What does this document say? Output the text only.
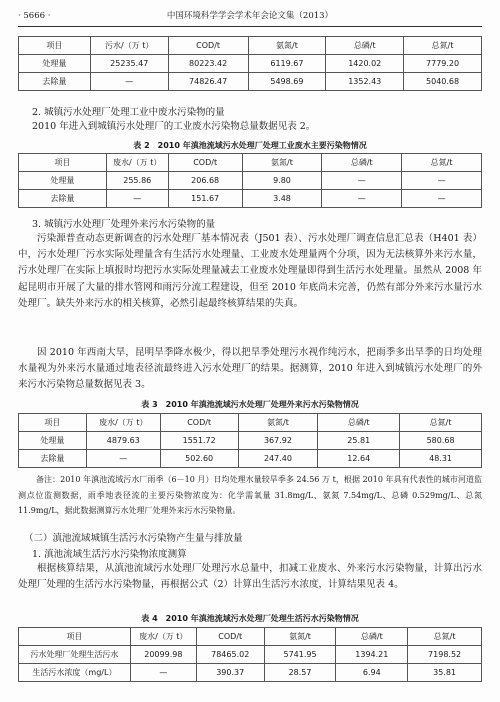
· 5666 ·	中国环境科学学会学术年会论文集（2013）
项目	污水/（万 t）	COD/t	氨氮/t	总磷/t	总氮/t
处理量	25235.47	80223.42	6119.67	1420.02	7779.20
去除量	—	74826.47	5498.69	1352.43	5040.68
2. 城镇污水处理厂处理工业中废水污染物的量
2010 年进入到城镇污水处理厂的工业废水污染物总量数据见表 2。
表 2　2010 年滇池流域污水处理厂处理工业废水主要污染物情况
项目	废水/（万 t）	COD/t	氨氮/t	总磷/t	总氮/t
处理量	255.86	206.68	9.80	—	—
去除量	—	151.67	3.48	—	—
3. 城镇污水处理厂处理外来污水污染物的量
污染源普查动态更新调查的污水处理厂基本情况表（J501 表）、污水处理厂调查信息汇总表（H401 表）中，污水处理厂污水实际处理量含有生活污水处理量、工业废水处理量两个分项，因为无法核算外来污水量，污水处理厂在实际上填报时均把污水实际处理量减去工业废水处理量即得到生活污水处理量。虽然从 2008 年起昆明市开展了大量的排水管网和雨污分流工程建设，但至 2010 年底尚未完善，仍然有部分外来污水量污水处理厂。缺失外来污水的相关核算，必然引起最终核算结果的失真。
因 2010 年西南大旱，昆明旱季降水极少，得以把旱季处理污水视作纯污水，把雨季多出旱季的日均处理水量视为外来污水量通过地表径流最终进入污水处理厂的结果。据测算，2010 年进入到城镇污水处理厂的外来污水污染物总量数据见表 3。
表 3　2010 年滇池流域污水处理厂处理外来污水污染物情况
项目	废水/（万 t）	COD/t	氨氮/t	总磷/t	总氮/t
处理量	4879.63	1551.72	367.92	25.81	580.68
去除量	—	502.60	247.40	12.64	48.31
备注：2010 年滇池流域污水厂雨季（6－10 月）日均处理水量较旱季多 24.56 万 t，根据 2010 年具有代表性的城市河道监测点位监测数据，雨季地表径流的主要污染物浓度为：化学需氧量 31.8mg/L、氨氮 7.54mg/L、总磷 0.529mg/L、总氮 11.9mg/L，据此数据测算污水处理厂处理外来污水污染物量。
（二）滇池流域城镇生活污水污染物产生量与排放量
1. 滇池流域生活污水污染物浓度测算
根据核算结果，从滇池流域污水处理厂处理污水总量中，扣减工业废水、外来污水污染物量，计算出污水处理厂处理的生活污水污染物量，再根据公式（2）计算出生活污水浓度，计算结果见表 4。
表 4　2010 年滇池流域污水处理厂处理生活污水污染物情况
项目	废水/（万 t）	COD/t	氨氮/t	总磷/t	总氮/t
污水处理厂处理生活污水	20099.98	78465.02	5741.95	1394.21	7198.52
生活污水浓度（mg/L）	—	390.37	28.57	6.94	35.81
